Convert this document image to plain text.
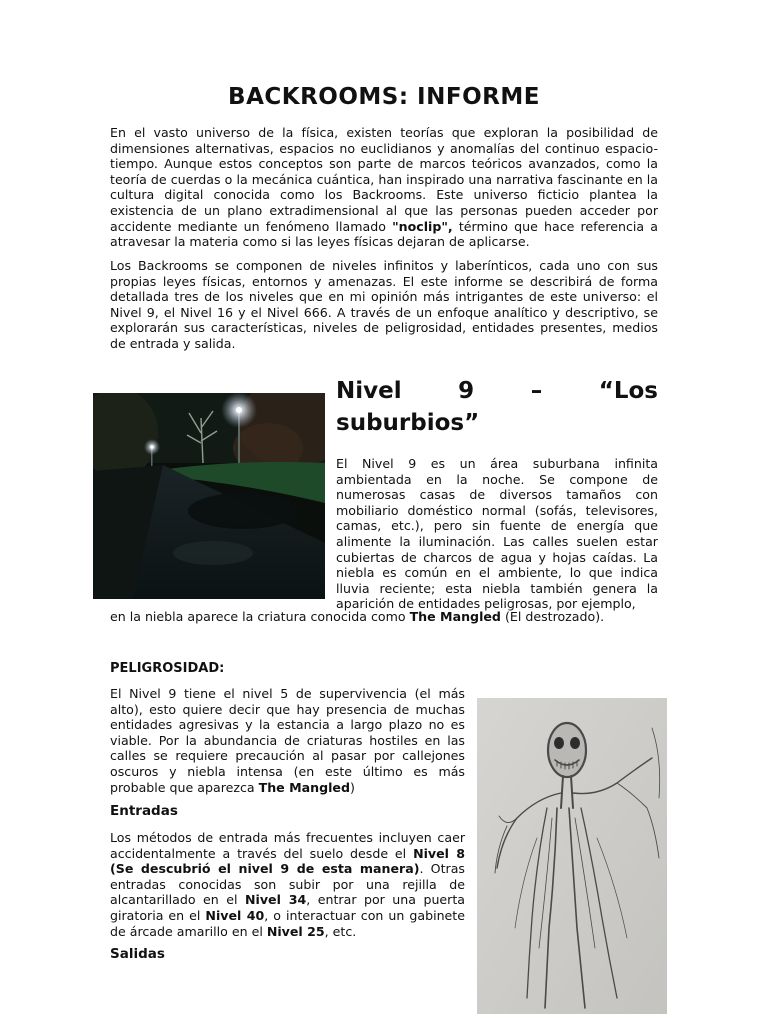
BACKROOMS: INFORME

En el vasto universo de la física, existen teorías que exploran la posibilidad de dimensiones alternativas, espacios no euclidianos y anomalías del continuo espacio-tiempo. Aunque estos conceptos son parte de marcos teóricos avanzados, como la teoría de cuerdas o la mecánica cuántica, han inspirado una narrativa fascinante en la cultura digital conocida como los Backrooms. Este universo ficticio plantea la existencia de un plano extradimensional al que las personas pueden acceder por accidente mediante un fenómeno llamado "noclip", término que hace referencia a atravesar la materia como si las leyes físicas dejaran de aplicarse.

Los Backrooms se componen de niveles infinitos y laberínticos, cada uno con sus propias leyes físicas, entornos y amenazas. El este informe se describirá de forma detallada tres de los niveles que en mi opinión más intrigantes de este universo: el Nivel 9, el Nivel 16 y el Nivel 666. A través de un enfoque analítico y descriptivo, se explorarán sus características, niveles de peligrosidad, entidades presentes, medios de entrada y salida.

Nivel 9 – “Los
suburbios”

El Nivel 9 es un área suburbana infinita ambientada en la noche. Se compone de numerosas casas de diversos tamaños con mobiliario doméstico normal (sofás, televisores, camas, etc.), pero sin fuente de energía que alimente la iluminación. Las calles suelen estar cubiertas de charcos de agua y hojas caídas. La niebla es común en el ambiente, lo que indica lluvia reciente; esta niebla también genera la aparición de entidades peligrosas, por ejemplo,

en la niebla aparece la criatura conocida como The Mangled (El destrozado).

PELIGROSIDAD:

El Nivel 9 tiene el nivel 5 de supervivencia (el más alto), esto quiere decir que hay presencia de muchas entidades agresivas y la estancia a largo plazo no es viable. Por la abundancia de criaturas hostiles en las calles se requiere precaución al pasar por callejones oscuros y niebla intensa (en este último es más probable que aparezca The Mangled)

Entradas

Los métodos de entrada más frecuentes incluyen caer accidentalmente a través del suelo desde el Nivel 8 (Se descubrió el nivel 9 de esta manera). Otras entradas conocidas son subir por una rejilla de alcantarillado en el Nivel 34, entrar por una puerta giratoria en el Nivel 40, o interactuar con un gabinete de árcade amarillo en el Nivel 25, etc.

Salidas
